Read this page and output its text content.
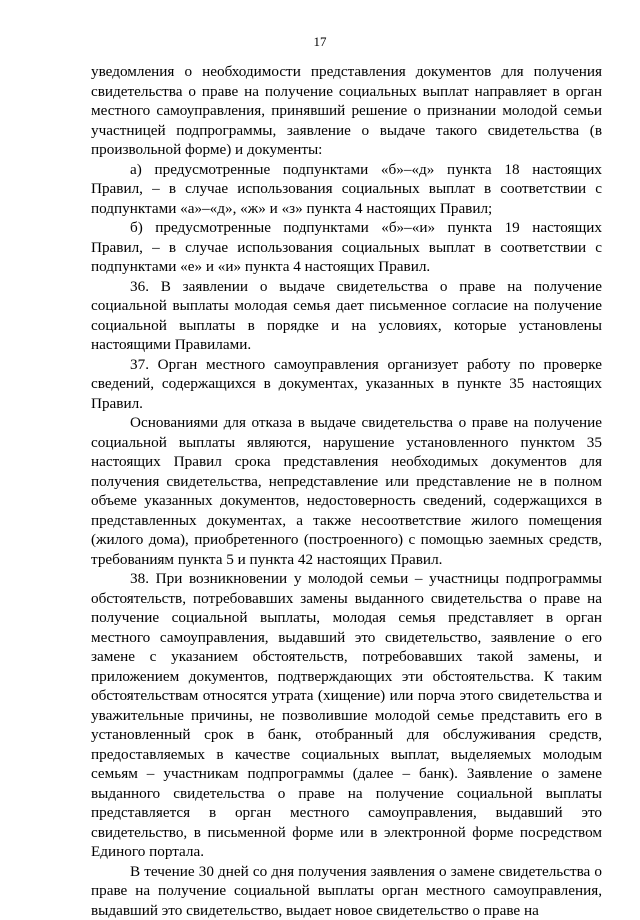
17

уведомления о необходимости представления документов для получения свидетельства о праве на получение социальных выплат направляет в орган местного самоуправления, принявший решение о признании молодой семьи участницей подпрограммы, заявление о выдаче такого свидетельства (в произвольной форме) и документы:

а) предусмотренные подпунктами «б»–«д» пункта 18 настоящих Правил, – в случае использования социальных выплат в соответствии с подпунктами «а»–«д», «ж» и «з» пункта 4 настоящих Правил;

б) предусмотренные подпунктами «б»–«и» пункта 19 настоящих Правил, – в случае использования социальных выплат в соответствии с подпунктами «е» и «и» пункта 4 настоящих Правил.

36. В заявлении о выдаче свидетельства о праве на получение социальной выплаты молодая семья дает письменное согласие на получение социальной выплаты в порядке и на условиях, которые установлены настоящими Правилами.

37. Орган местного самоуправления организует работу по проверке сведений, содержащихся в документах, указанных в пункте 35 настоящих Правил.

Основаниями для отказа в выдаче свидетельства о праве на получение социальной выплаты являются, нарушение установленного пунктом 35 настоящих Правил срока представления необходимых документов для получения свидетельства, непредставление или представление не в полном объеме указанных документов, недостоверность сведений, содержащихся в представленных документах, а также несоответствие жилого помещения (жилого дома), приобретенного (построенного) с помощью заемных средств, требованиям пункта 5 и пункта 42 настоящих Правил.

38. При возникновении у молодой семьи – участницы подпрограммы обстоятельств, потребовавших замены выданного свидетельства о праве на получение социальной выплаты, молодая семья представляет в орган местного самоуправления, выдавший это свидетельство, заявление о его замене с указанием обстоятельств, потребовавших такой замены, и приложением документов, подтверждающих эти обстоятельства. К таким обстоятельствам относятся утрата (хищение) или порча этого свидетельства и уважительные причины, не позволившие молодой семье представить его в установленный срок в банк, отобранный для обслуживания средств, предоставляемых в качестве социальных выплат, выделяемых молодым семьям – участникам подпрограммы (далее – банк). Заявление о замене выданного свидетельства о праве на получение социальной выплаты представляется в орган местного самоуправления, выдавший это свидетельство, в письменной форме или в электронной форме посредством Единого портала.

В течение 30 дней со дня получения заявления о замене свидетельства о праве на получение социальной выплаты орган местного самоуправления, выдавший это свидетельство, выдает новое свидетельство о праве на
